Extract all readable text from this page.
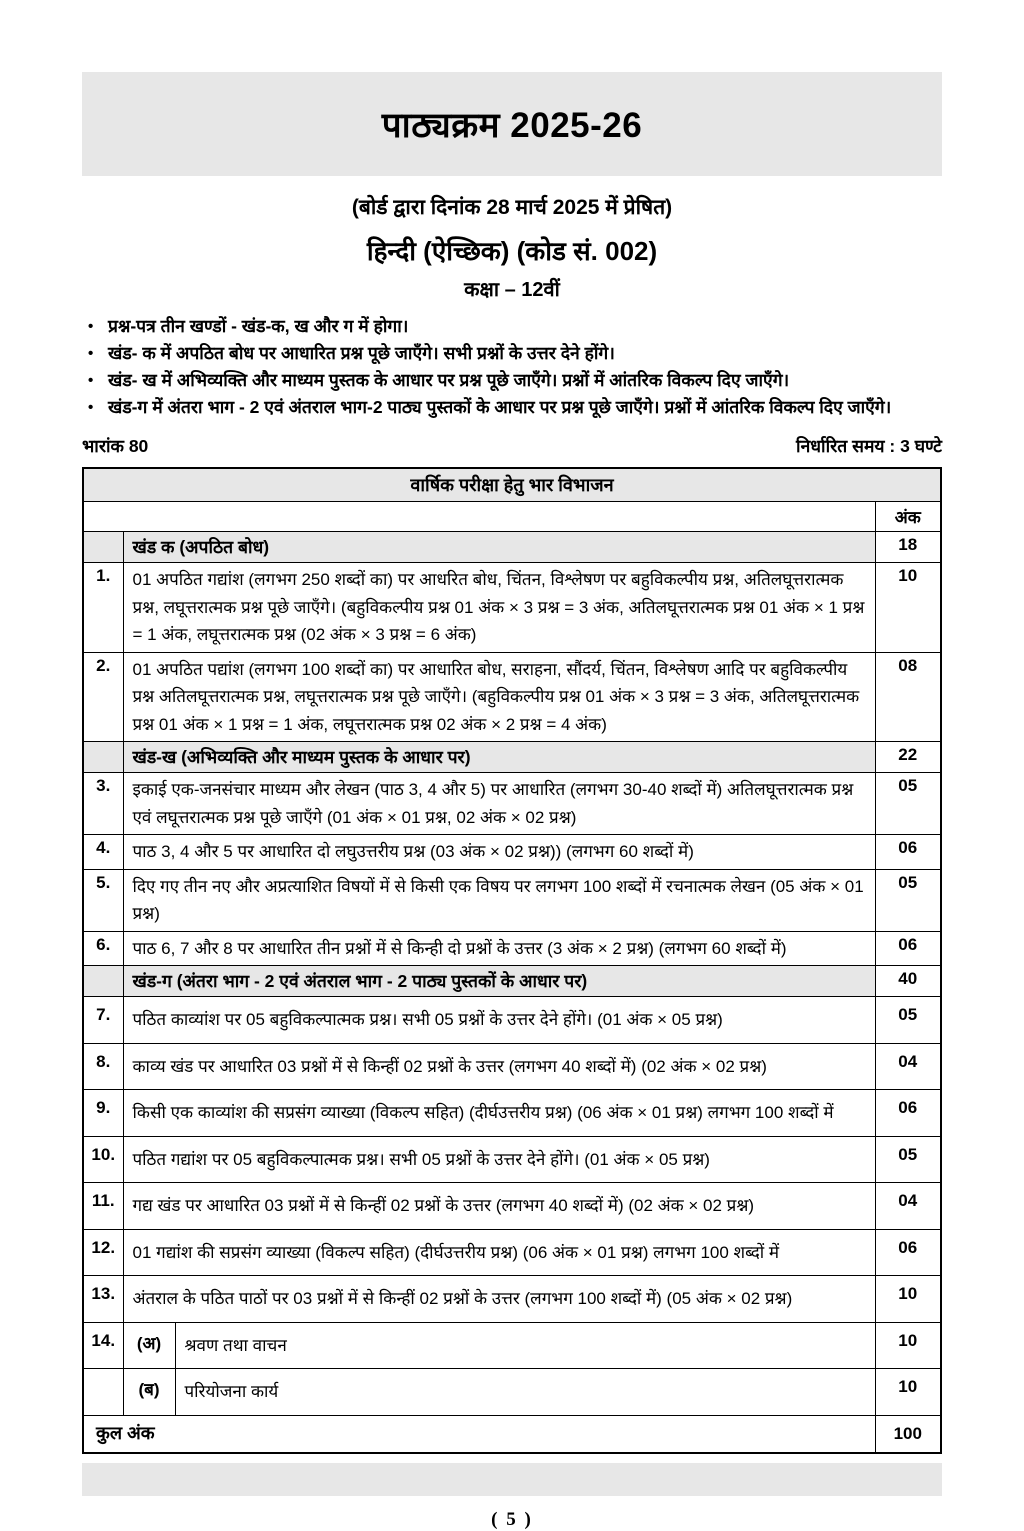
पाठ्यक्रम 2025-26
(बोर्ड द्वारा दिनांक 28 मार्च 2025 में प्रेषित)
हिन्दी (ऐच्छिक) (कोड सं. 002)
कक्षा – 12वीं
• प्रश्न-पत्र तीन खण्डों - खंड-क, ख और ग में होगा।
• खंड- क में अपठित बोध पर आधारित प्रश्न पूछे जाएँगे। सभी प्रश्नों के उत्तर देने होंगे।
• खंड- ख में अभिव्यक्ति और माध्यम पुस्तक के आधार पर प्रश्न पूछे जाएँगे। प्रश्नों में आंतरिक विकल्प दिए जाएँगे।
• खंड-ग में अंतरा भाग - 2 एवं अंतराल भाग-2 पाठ्य पुस्तकों के आधार पर प्रश्न पूछे जाएँगे। प्रश्नों में आंतरिक विकल्प दिए जाएँगे।
भारांक 80	निर्धारित समय : 3 घण्टे
वार्षिक परीक्षा हेतु भार विभाजन			
			अंक
	खंड क (अपठित बोध)		18
1.	01 अपठित गद्यांश (लगभग 250 शब्दों का) पर आधरित बोध, चिंतन, विश्लेषण पर बहुविकल्पीय प्रश्न, अतिलघूत्तरात्मक प्रश्न, लघूत्तरात्मक प्रश्न पूछे जाएँगे। (बहुविकल्पीय प्रश्न 01 अंक × 3 प्रश्न = 3 अंक, अतिलघूत्तरात्मक प्रश्न 01 अंक × 1 प्रश्न = 1 अंक, लघूत्तरात्मक प्रश्न (02 अंक × 3 प्रश्न = 6 अंक)		10
2.	01 अपठित पद्यांश (लगभग 100 शब्दों का) पर आधारित बोध, सराहना, सौंदर्य, चिंतन, विश्लेषण आदि पर बहुविकल्पीय प्रश्न अतिलघूत्तरात्मक प्रश्न, लघूत्तरात्मक प्रश्न पूछे जाएँगे। (बहुविकल्पीय प्रश्न 01 अंक × 3 प्रश्न = 3 अंक, अतिलघूत्तरात्मक प्रश्न 01 अंक × 1 प्रश्न = 1 अंक, लघूत्तरात्मक प्रश्न 02 अंक × 2 प्रश्न = 4 अंक)		08
	खंड-ख (अभिव्यक्ति और माध्यम पुस्तक के आधार पर)		22
3.	इकाई एक-जनसंचार माध्यम और लेखन (पाठ 3, 4 और 5) पर आधारित (लगभग 30-40 शब्दों में) अतिलघूत्तरात्मक प्रश्न एवं लघूत्तरात्मक प्रश्न पूछे जाएँगे (01 अंक × 01 प्रश्न, 02 अंक × 02 प्रश्न)		05
4.	पाठ 3, 4 और 5 पर आधारित दो लघुउत्तरीय प्रश्न (03 अंक × 02 प्रश्न)) (लगभग 60 शब्दों में)		06
5.	दिए गए तीन नए और अप्रत्याशित विषयों में से किसी एक विषय पर लगभग 100 शब्दों में रचनात्मक लेखन (05 अंक × 01 प्रश्न)		05
6.	पाठ 6, 7 और 8 पर आधारित तीन प्रश्नों में से किन्ही दो प्रश्नों के उत्तर (3 अंक × 2 प्रश्न) (लगभग 60 शब्दों में)		06
	खंड-ग (अंतरा भाग - 2 एवं अंतराल भाग - 2 पाठ्य पुस्तकों के आधार पर)		40
7.	पठित काव्यांश पर 05 बहुविकल्पात्मक प्रश्न। सभी 05 प्रश्नों के उत्तर देने होंगे। (01 अंक × 05 प्रश्न)		05
8.	काव्य खंड पर आधारित 03 प्रश्नों में से किन्हीं 02 प्रश्नों के उत्तर (लगभग 40 शब्दों में) (02 अंक × 02 प्रश्न)		04
9.	किसी एक काव्यांश की सप्रसंग व्याख्या (विकल्प सहित) (दीर्घउत्तरीय प्रश्न) (06 अंक × 01 प्रश्न) लगभग 100 शब्दों में		06
10.	पठित गद्यांश पर 05 बहुविकल्पात्मक प्रश्न। सभी 05 प्रश्नों के उत्तर देने होंगे। (01 अंक × 05 प्रश्न)		05
11.	गद्य खंड पर आधारित 03 प्रश्नों में से किन्हीं 02 प्रश्नों के उत्तर (लगभग 40 शब्दों में) (02 अंक × 02 प्रश्न)		04
12.	01 गद्यांश की सप्रसंग व्याख्या (विकल्प सहित) (दीर्घउत्तरीय प्रश्न) (06 अंक × 01 प्रश्न) लगभग 100 शब्दों में		06
13.	अंतराल के पठित पाठों पर 03 प्रश्नों में से किन्हीं 02 प्रश्नों के उत्तर (लगभग 100 शब्दों में) (05 अंक × 02 प्रश्न)		10
14.	(अ)	श्रवण तथा वाचन	10
	(ब)	परियोजना कार्य	10
कुल अंक			100
( 5 )
